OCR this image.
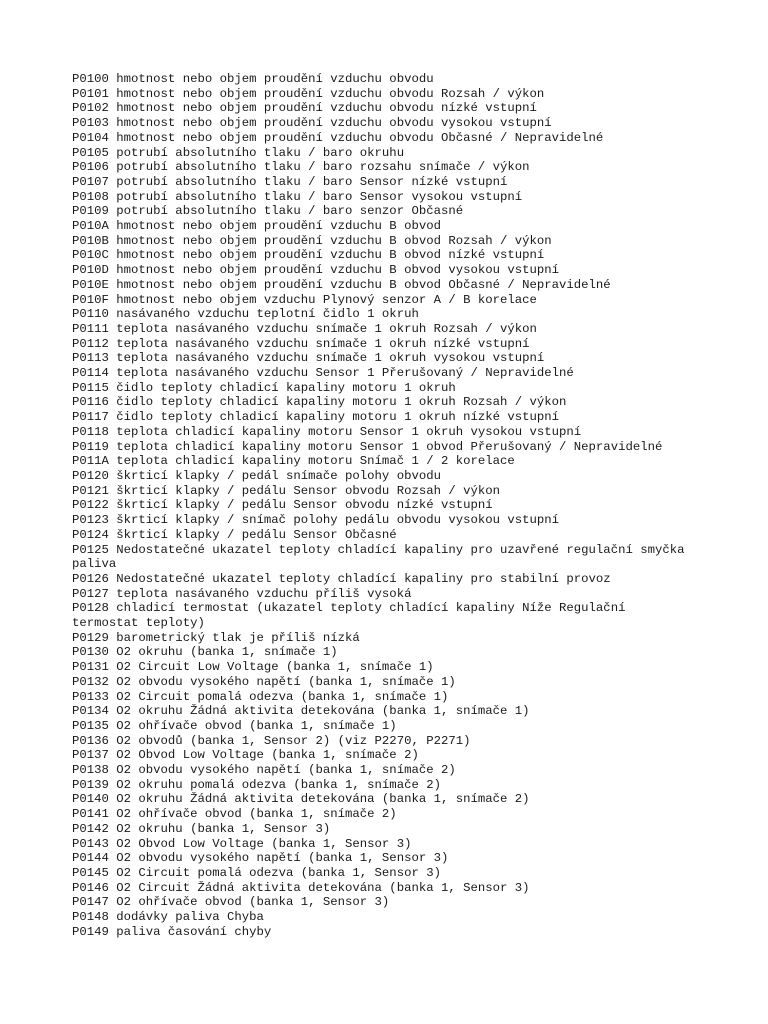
P0100 hmotnost nebo objem proudění vzduchu obvodu

P0101 hmotnost nebo objem proudění vzduchu obvodu Rozsah / výkon

P0102 hmotnost nebo objem proudění vzduchu obvodu nízké vstupní

P0103 hmotnost nebo objem proudění vzduchu obvodu vysokou vstupní

P0104 hmotnost nebo objem proudění vzduchu obvodu Občasné / Nepravidelné

P0105 potrubí absolutního tlaku / baro okruhu

P0106 potrubí absolutního tlaku / baro rozsahu snímače / výkon

P0107 potrubí absolutního tlaku / baro Sensor nízké vstupní

P0108 potrubí absolutního tlaku / baro Sensor vysokou vstupní

P0109 potrubí absolutního tlaku / baro senzor Občasné

P010A hmotnost nebo objem proudění vzduchu B obvod

P010B hmotnost nebo objem proudění vzduchu B obvod Rozsah / výkon

P010C hmotnost nebo objem proudění vzduchu B obvod nízké vstupní

P010D hmotnost nebo objem proudění vzduchu B obvod vysokou vstupní

P010E hmotnost nebo objem proudění vzduchu B obvod Občasné / Nepravidelné

P010F hmotnost nebo objem vzduchu Plynový senzor A / B korelace

P0110 nasávaného vzduchu teplotní čidlo 1 okruh

P0111 teplota nasávaného vzduchu snímače 1 okruh Rozsah / výkon

P0112 teplota nasávaného vzduchu snímače 1 okruh nízké vstupní

P0113 teplota nasávaného vzduchu snímače 1 okruh vysokou vstupní

P0114 teplota nasávaného vzduchu Sensor 1 Přerušovaný / Nepravidelné

P0115 čidlo teploty chladicí kapaliny motoru 1 okruh

P0116 čidlo teploty chladicí kapaliny motoru 1 okruh Rozsah / výkon

P0117 čidlo teploty chladicí kapaliny motoru 1 okruh nízké vstupní

P0118 teplota chladicí kapaliny motoru Sensor 1 okruh vysokou vstupní

P0119 teplota chladicí kapaliny motoru Sensor 1 obvod Přerušovaný / Nepravidelné

P011A teplota chladicí kapaliny motoru Snímač 1 / 2 korelace

P0120 škrticí klapky / pedál snímače polohy obvodu

P0121 škrticí klapky / pedálu Sensor obvodu Rozsah / výkon

P0122 škrticí klapky / pedálu Sensor obvodu nízké vstupní

P0123 škrticí klapky / snímač polohy pedálu obvodu vysokou vstupní

P0124 škrticí klapky / pedálu Sensor Občasné

P0125 Nedostatečné ukazatel teploty chladící kapaliny pro uzavřené regulační smyčka

paliva

P0126 Nedostatečné ukazatel teploty chladící kapaliny pro stabilní provoz

P0127 teplota nasávaného vzduchu příliš vysoká

P0128 chladicí termostat (ukazatel teploty chladící kapaliny Níže Regulační

termostat teploty)

P0129 barometrický tlak je příliš nízká

P0130 O2 okruhu (banka 1, snímače 1)

P0131 O2 Circuit Low Voltage (banka 1, snímače 1)

P0132 O2 obvodu vysokého napětí (banka 1, snímače 1)

P0133 O2 Circuit pomalá odezva (banka 1, snímače 1)

P0134 O2 okruhu Žádná aktivita detekována (banka 1, snímače 1)

P0135 O2 ohřívače obvod (banka 1, snímače 1)

P0136 O2 obvodů (banka 1, Sensor 2) (viz P2270, P2271)

P0137 O2 Obvod Low Voltage (banka 1, snímače 2)

P0138 O2 obvodu vysokého napětí (banka 1, snímače 2)

P0139 O2 okruhu pomalá odezva (banka 1, snímače 2)

P0140 O2 okruhu Žádná aktivita detekována (banka 1, snímače 2)

P0141 O2 ohřívače obvod (banka 1, snímače 2)

P0142 O2 okruhu (banka 1, Sensor 3)

P0143 O2 Obvod Low Voltage (banka 1, Sensor 3)

P0144 O2 obvodu vysokého napětí (banka 1, Sensor 3)

P0145 O2 Circuit pomalá odezva (banka 1, Sensor 3)

P0146 O2 Circuit Žádná aktivita detekována (banka 1, Sensor 3)

P0147 O2 ohřívače obvod (banka 1, Sensor 3)

P0148 dodávky paliva Chyba

P0149 paliva časování chyby
